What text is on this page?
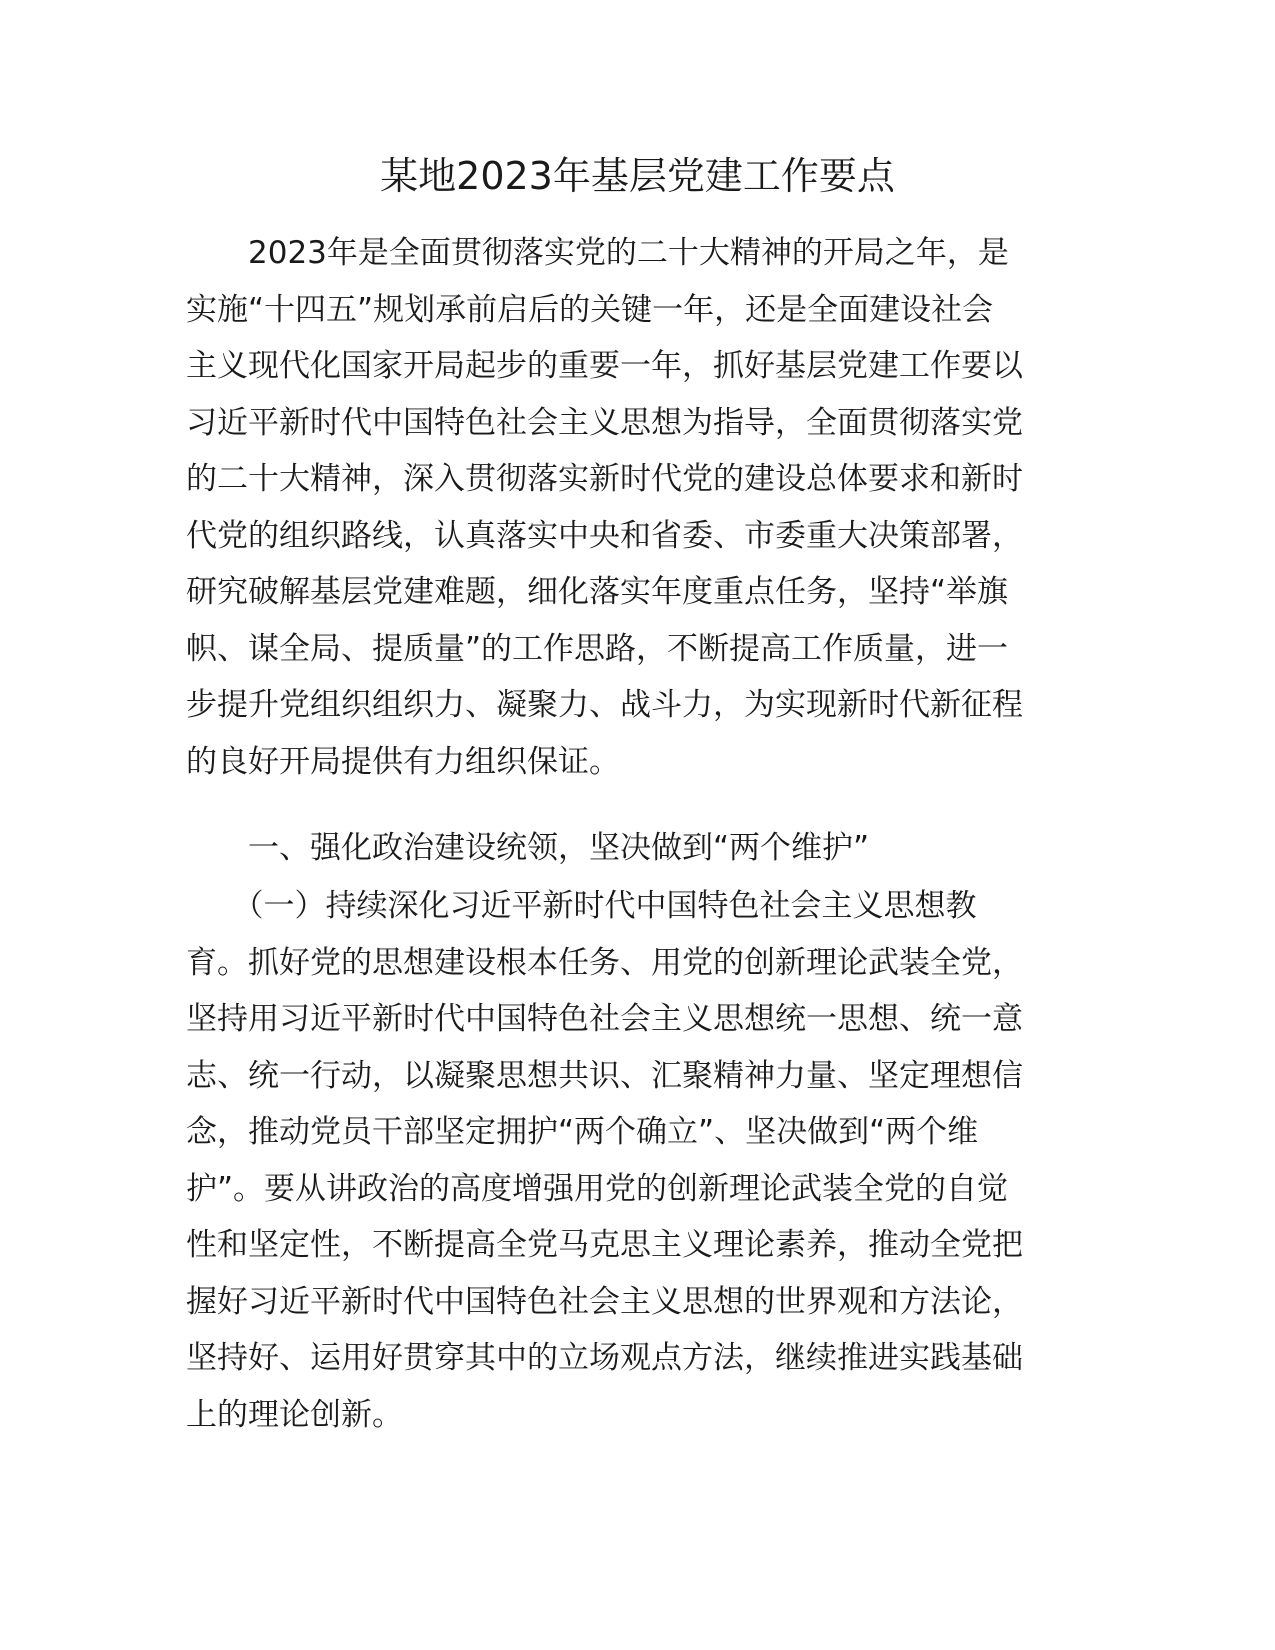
某地2023年基层党建工作要点
　　2023年是全面贯彻落实党的二十大精神的开局之年，是
实施“十四五”规划承前启后的关键一年，还是全面建设社会
主义现代化国家开局起步的重要一年，抓好基层党建工作要以
习近平新时代中国特色社会主义思想为指导，全面贯彻落实党
的二十大精神，深入贯彻落实新时代党的建设总体要求和新时
代党的组织路线，认真落实中央和省委、市委重大决策部署，
研究破解基层党建难题，细化落实年度重点任务，坚持“举旗
帜、谋全局、提质量”的工作思路，不断提高工作质量，进一
步提升党组织组织力、凝聚力、战斗力，为实现新时代新征程
的良好开局提供有力组织保证。
　　一、强化政治建设统领，坚决做到“两个维护”
　　（一）持续深化习近平新时代中国特色社会主义思想教
育。抓好党的思想建设根本任务、用党的创新理论武装全党，
坚持用习近平新时代中国特色社会主义思想统一思想、统一意
志、统一行动，以凝聚思想共识、汇聚精神力量、坚定理想信
念，推动党员干部坚定拥护“两个确立”、坚决做到“两个维
护”。要从讲政治的高度增强用党的创新理论武装全党的自觉
性和坚定性，不断提高全党马克思主义理论素养，推动全党把
握好习近平新时代中国特色社会主义思想的世界观和方法论，
坚持好、运用好贯穿其中的立场观点方法，继续推进实践基础
上的理论创新。
